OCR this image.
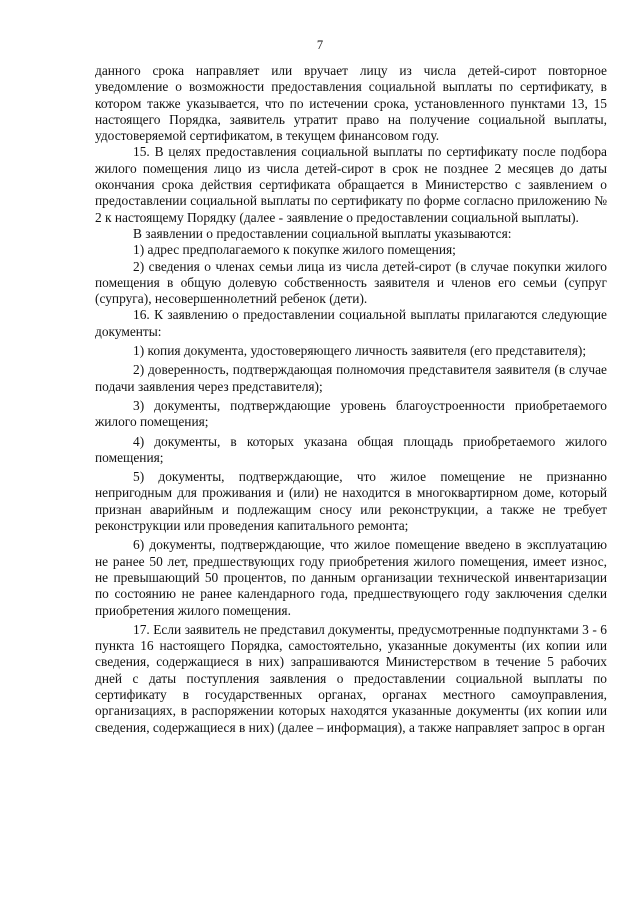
7

данного срока направляет или вручает лицу из числа детей-сирот повторное уведомление о возможности предоставления социальной выплаты по сертификату, в котором также указывается, что по истечении срока, установленного пунктами 13, 15 настоящего Порядка, заявитель утратит право на получение социальной выплаты, удостоверяемой сертификатом, в текущем финансовом году.

15. В целях предоставления социальной выплаты по сертификату после подбора жилого помещения лицо из числа детей-сирот в срок не позднее 2 месяцев до даты окончания срока действия сертификата обращается в Министерство с заявлением о предоставлении социальной выплаты по сертификату по форме согласно приложению № 2 к настоящему Порядку (далее - заявление о предоставлении социальной выплаты).

В заявлении о предоставлении социальной выплаты указываются:

1) адрес предполагаемого к покупке жилого помещения;

2) сведения о членах семьи лица из числа детей-сирот (в случае покупки жилого помещения в общую долевую собственность заявителя и членов его семьи (супруг (супруга), несовершеннолетний ребенок (дети).

16. К заявлению о предоставлении социальной выплаты прилагаются следующие документы:

1) копия документа, удостоверяющего личность заявителя (его представителя);

2) доверенность, подтверждающая полномочия представителя заявителя (в случае подачи заявления через представителя);

3) документы, подтверждающие уровень благоустроенности приобретаемого жилого помещения;

4) документы, в которых указана общая площадь приобретаемого жилого помещения;

5) документы, подтверждающие, что жилое помещение не признанно непригодным для проживания и (или) не находится в многоквартирном доме, который признан аварийным и подлежащим сносу или реконструкции, а также не требует реконструкции или проведения капитального ремонта;

6) документы, подтверждающие, что жилое помещение введено в эксплуатацию не ранее 50 лет, предшествующих году приобретения жилого помещения, имеет износ, не превышающий 50 процентов, по данным организации технической инвентаризации по состоянию не ранее календарного года, предшествующего году заключения сделки приобретения жилого помещения.

17. Если заявитель не представил документы, предусмотренные подпунктами 3 - 6 пункта 16 настоящего Порядка, самостоятельно, указанные документы (их копии или сведения, содержащиеся в них) запрашиваются Министерством в течение 5 рабочих дней с даты поступления заявления о предоставлении социальной выплаты по сертификату в государственных органах, органах местного самоуправления, организациях, в распоряжении которых находятся указанные документы (их копии или сведения, содержащиеся в них) (далее – информация), а также направляет запрос в орган
